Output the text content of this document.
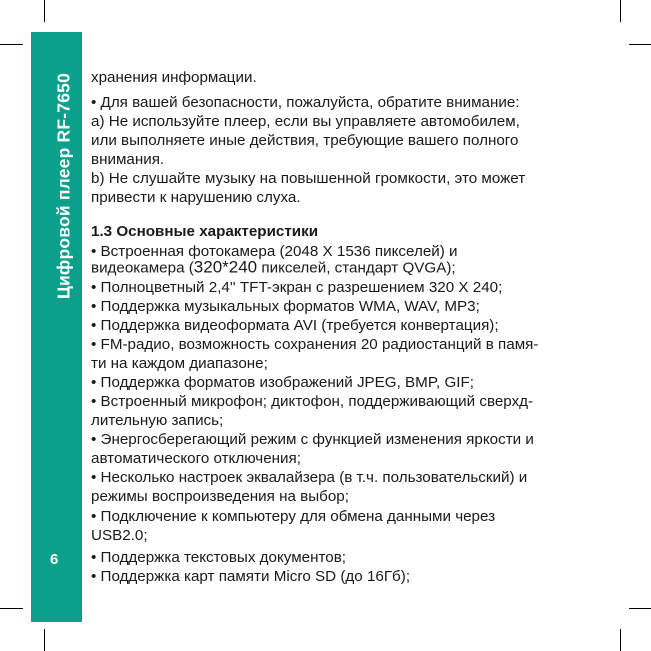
Цифровой плеер RF-7650
6
хранения информации.
• Для вашей безопасности, пожалуйста, обратите внимание:
a) Не используйте плеер, если вы управляете автомобилем,
или выполняете иные действия, требующие вашего полного
внимания.
b) Не слушайте музыку на повышенной громкости, это может
привести к нарушению слуха.
1.3 Основные характеристики
• Встроенная фотокамера (2048 X 1536 пикселей) и
видеокамера (320*240 пикселей, стандарт QVGA);
• Полноцветный 2,4'' TFT-экран с разрешением 320 X 240;
• Поддержка музыкальных форматов WMA, WAV, MP3;
• Поддержка видеоформата AVI (требуется конвертация);
• FM-радио, возможность сохранения 20 радиостанций в памя-
ти на каждом диапазоне;
• Поддержка форматов изображений JPEG, BMP, GIF;
• Встроенный микрофон; диктофон, поддерживающий сверхд-
лительную запись;
• Энергосберегающий режим с функцией изменения яркости и
автоматического отключения;
• Несколько настроек эквалайзера (в т.ч. пользовательский) и
режимы воспроизведения на выбор;
• Подключение к компьютеру для обмена данными через
USB2.0;
• Поддержка текстовых документов;
• Поддержка карт памяти Micro SD (до 16Гб);
